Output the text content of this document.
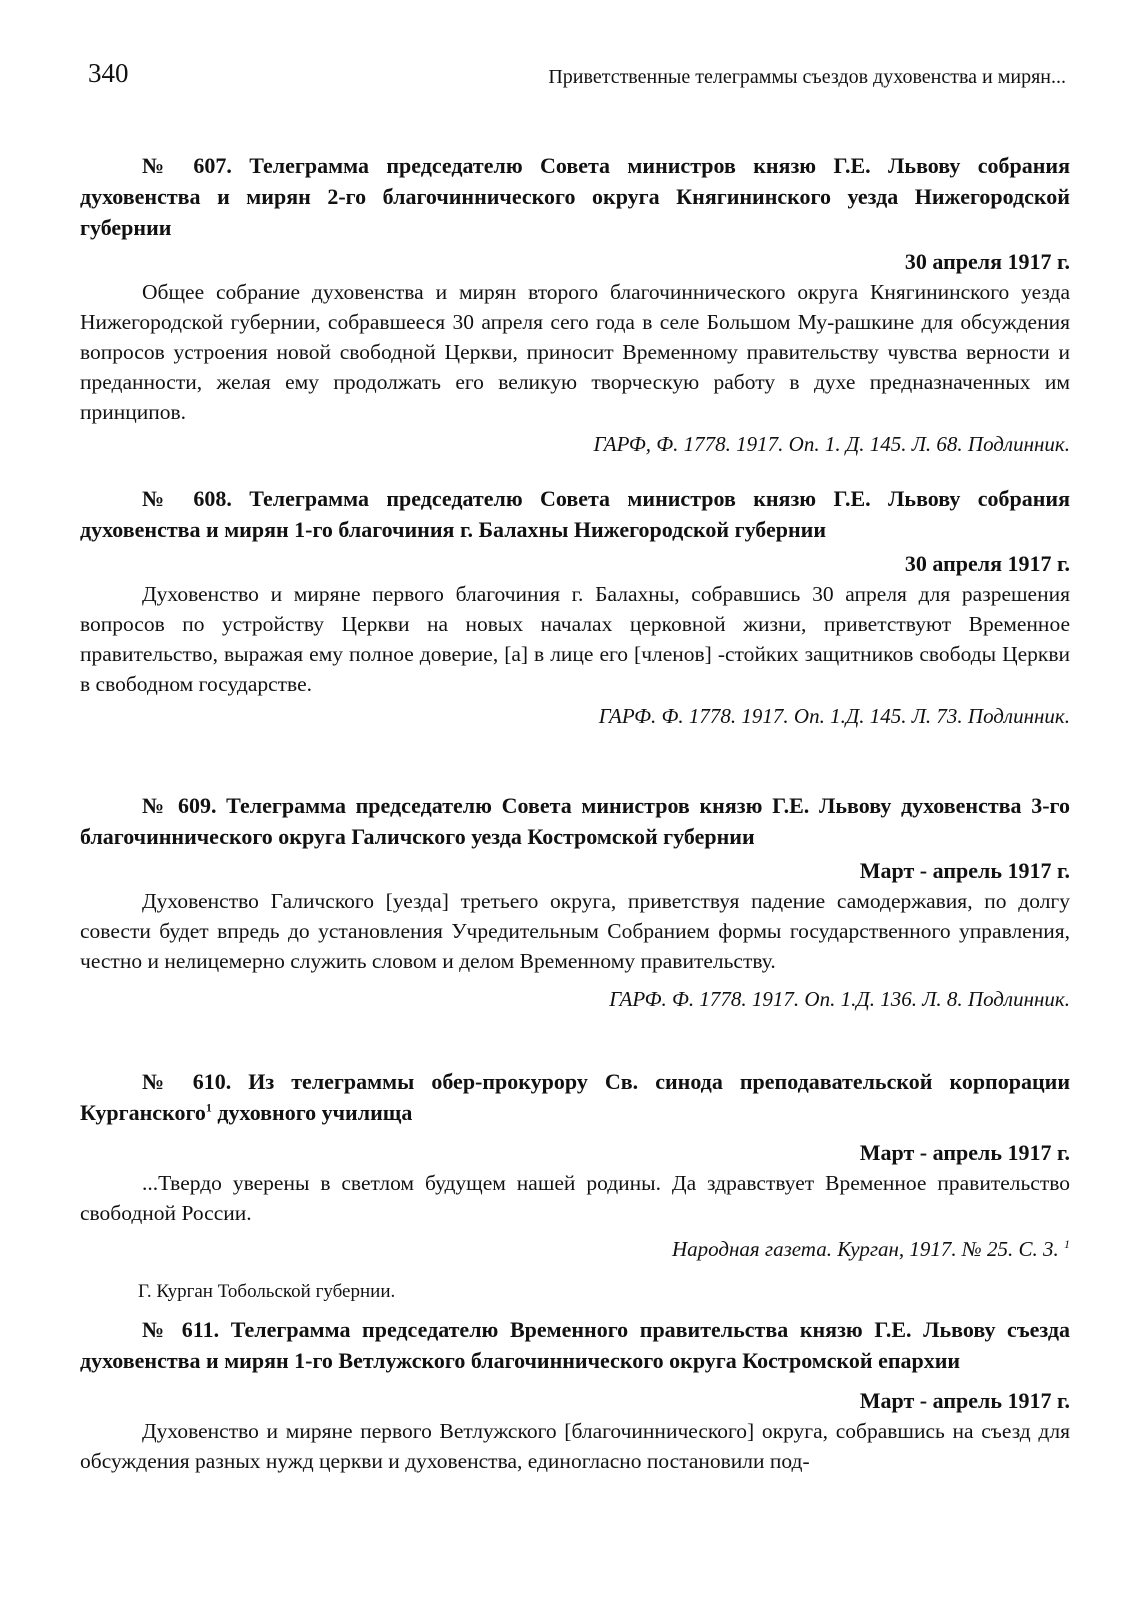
340	Приветственные телеграммы съездов духовенства и мирян...

№ 607. Телеграмма председателю Совета министров князю Г.Е. Львову собрания духовенства и мирян 2-го благочиннического округа Княгининского уезда Нижегородской губернии

30 апреля 1917 г.

Общее собрание духовенства и мирян второго благочиннического округа Княгининского уезда Нижегородской губернии, собравшееся 30 апреля сего года в селе Большом Му-рашкине для обсуждения вопросов устроения новой свободной Церкви, приносит Временному правительству чувства верности и преданности, желая ему продолжать его великую творческую работу в духе предназначенных им принципов.

ГАРФ, Ф. 1778. 1917. Оп. 1. Д. 145. Л. 68. Подлинник.

№ 608. Телеграмма председателю Совета министров князю Г.Е. Львову собрания духовенства и мирян 1-го благочиния г. Балахны Нижегородской губернии

30 апреля 1917 г.

Духовенство и миряне первого благочиния г. Балахны, собравшись 30 апреля для разрешения вопросов по устройству Церкви на новых началах церковной жизни, приветствуют Временное правительство, выражая ему полное доверие, [а] в лице его [членов] -стойких защитников свободы Церкви в свободном государстве.

ГАРФ. Ф. 1778. 1917. Оп. 1.Д. 145. Л. 73. Подлинник.

№ 609. Телеграмма председателю Совета министров князю Г.Е. Львову духовенства 3-го благочиннического округа Галичского уезда Костромской губернии

Март - апрель 1917 г.

Духовенство Галичского [уезда] третьего округа, приветствуя падение самодержавия, по долгу совести будет впредь до установления Учредительным Собранием формы государственного управления, честно и нелицемерно служить словом и делом Временному правительству.

ГАРФ. Ф. 1778. 1917. Оп. 1.Д. 136. Л. 8. Подлинник.

№ 610. Из телеграммы обер-прокурору Св. синода преподавательской корпорации Курганского$^1$ духовного училища

Март - апрель 1917 г.

...Твердо уверены в светлом будущем нашей родины. Да здравствует Временное правительство свободной России.

Народная газета. Курган, 1917. № 25. С. 3. $^1$

Г. Курган Тобольской губернии.

№ 611. Телеграмма председателю Временного правительства князю Г.Е. Львову съезда духовенства и мирян 1-го Ветлужского благочиннического округа Костромской епархии

Март - апрель 1917 г.

Духовенство и миряне первого Ветлужского [благочиннического] округа, собравшись на съезд для обсуждения разных нужд церкви и духовенства, единогласно постановили под-
